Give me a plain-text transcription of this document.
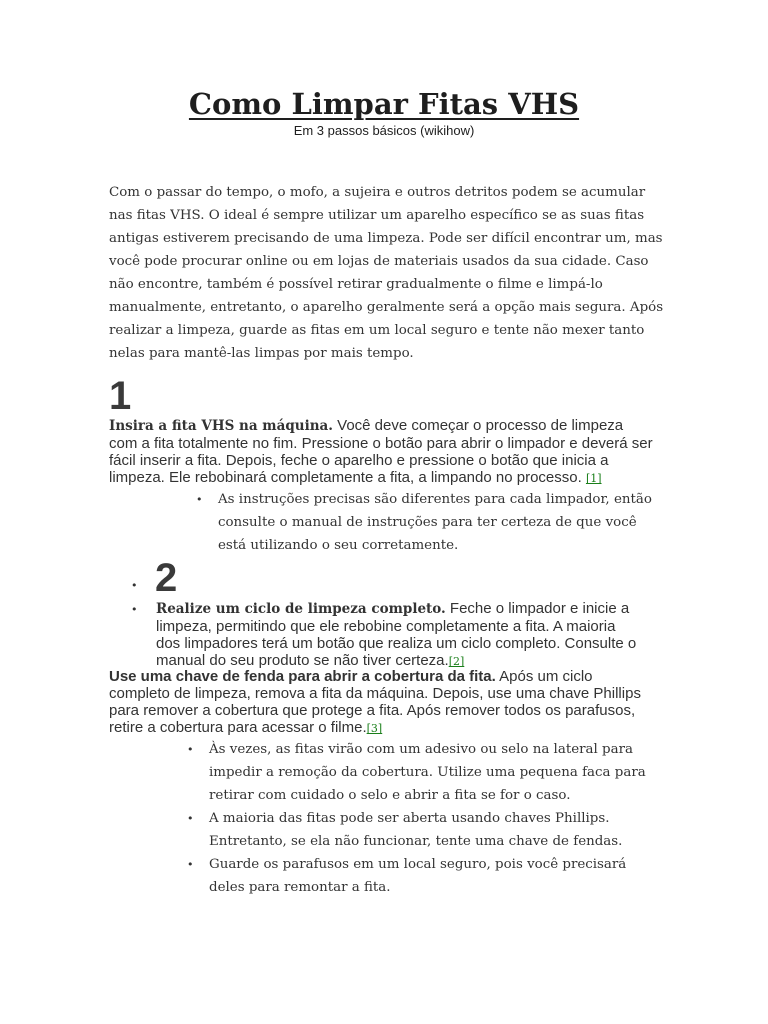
Como Limpar Fitas VHS
Em 3 passos básicos (wikihow)
Com o passar do tempo, o mofo, a sujeira e outros detritos podem se acumular nas fitas VHS. O ideal é sempre utilizar um aparelho específico se as suas fitas antigas estiverem precisando de uma limpeza. Pode ser difícil encontrar um, mas você pode procurar online ou em lojas de materiais usados da sua cidade. Caso não encontre, também é possível retirar gradualmente o filme e limpá-lo manualmente, entretanto, o aparelho geralmente será a opção mais segura. Após realizar a limpeza, guarde as fitas em um local seguro e tente não mexer tanto nelas para mantê-las limpas por mais tempo.
1
Insira a fita VHS na máquina. Você deve começar o processo de limpeza com a fita totalmente no fim. Pressione o botão para abrir o limpador e deverá ser fácil inserir a fita. Depois, feche o aparelho e pressione o botão que inicia a limpeza. Ele rebobinará completamente a fita, a limpando no processo. [1]
• As instruções precisas são diferentes para cada limpador, então consulte o manual de instruções para ter certeza de que você está utilizando o seu corretamente.
• 2
• Realize um ciclo de limpeza completo. Feche o limpador e inicie a limpeza, permitindo que ele rebobine completamente a fita. A maioria dos limpadores terá um botão que realiza um ciclo completo. Consulte o manual do seu produto se não tiver certeza.[2]
Use uma chave de fenda para abrir a cobertura da fita. Após um ciclo completo de limpeza, remova a fita da máquina. Depois, use uma chave Phillips para remover a cobertura que protege a fita. Após remover todos os parafusos, retire a cobertura para acessar o filme.[3]
• Às vezes, as fitas virão com um adesivo ou selo na lateral para impedir a remoção da cobertura. Utilize uma pequena faca para retirar com cuidado o selo e abrir a fita se for o caso.
• A maioria das fitas pode ser aberta usando chaves Phillips. Entretanto, se ela não funcionar, tente uma chave de fendas.
• Guarde os parafusos em um local seguro, pois você precisará deles para remontar a fita.
